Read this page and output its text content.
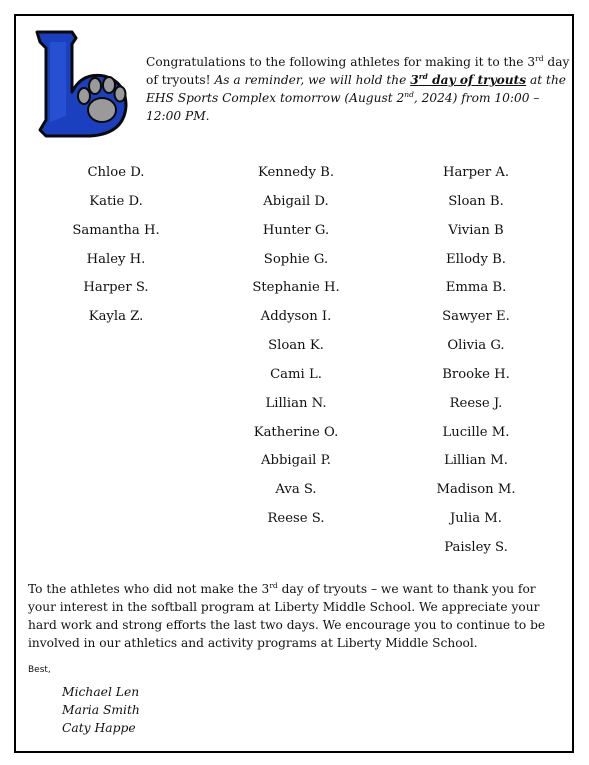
Congratulations to the following athletes for making it to the 3rd day of tryouts! As a reminder, we will hold the 3rd day of tryouts at the EHS Sports Complex tomorrow (August 2nd, 2024) from 10:00 – 12:00 PM.
Chloe D.
Katie D.
Samantha H.
Haley H.
Harper S.
Kayla Z.
Kennedy B.
Abigail D.
Hunter G.
Sophie G.
Stephanie H.
Addyson I.
Sloan K.
Cami L.
Lillian N.
Katherine O.
Abbigail P.
Ava S.
Reese S.
Harper A.
Sloan B.
Vivian B
Ellody B.
Emma B.
Sawyer E.
Olivia G.
Brooke H.
Reese J.
Lucille M.
Lillian M.
Madison M.
Julia M.
Paisley S.
To the athletes who did not make the 3rd day of tryouts – we want to thank you for your interest in the softball program at Liberty Middle School. We appreciate your hard work and strong efforts the last two days. We encourage you to continue to be involved in our athletics and activity programs at Liberty Middle School.
Best,
Michael Len
Maria Smith
Caty Happe
